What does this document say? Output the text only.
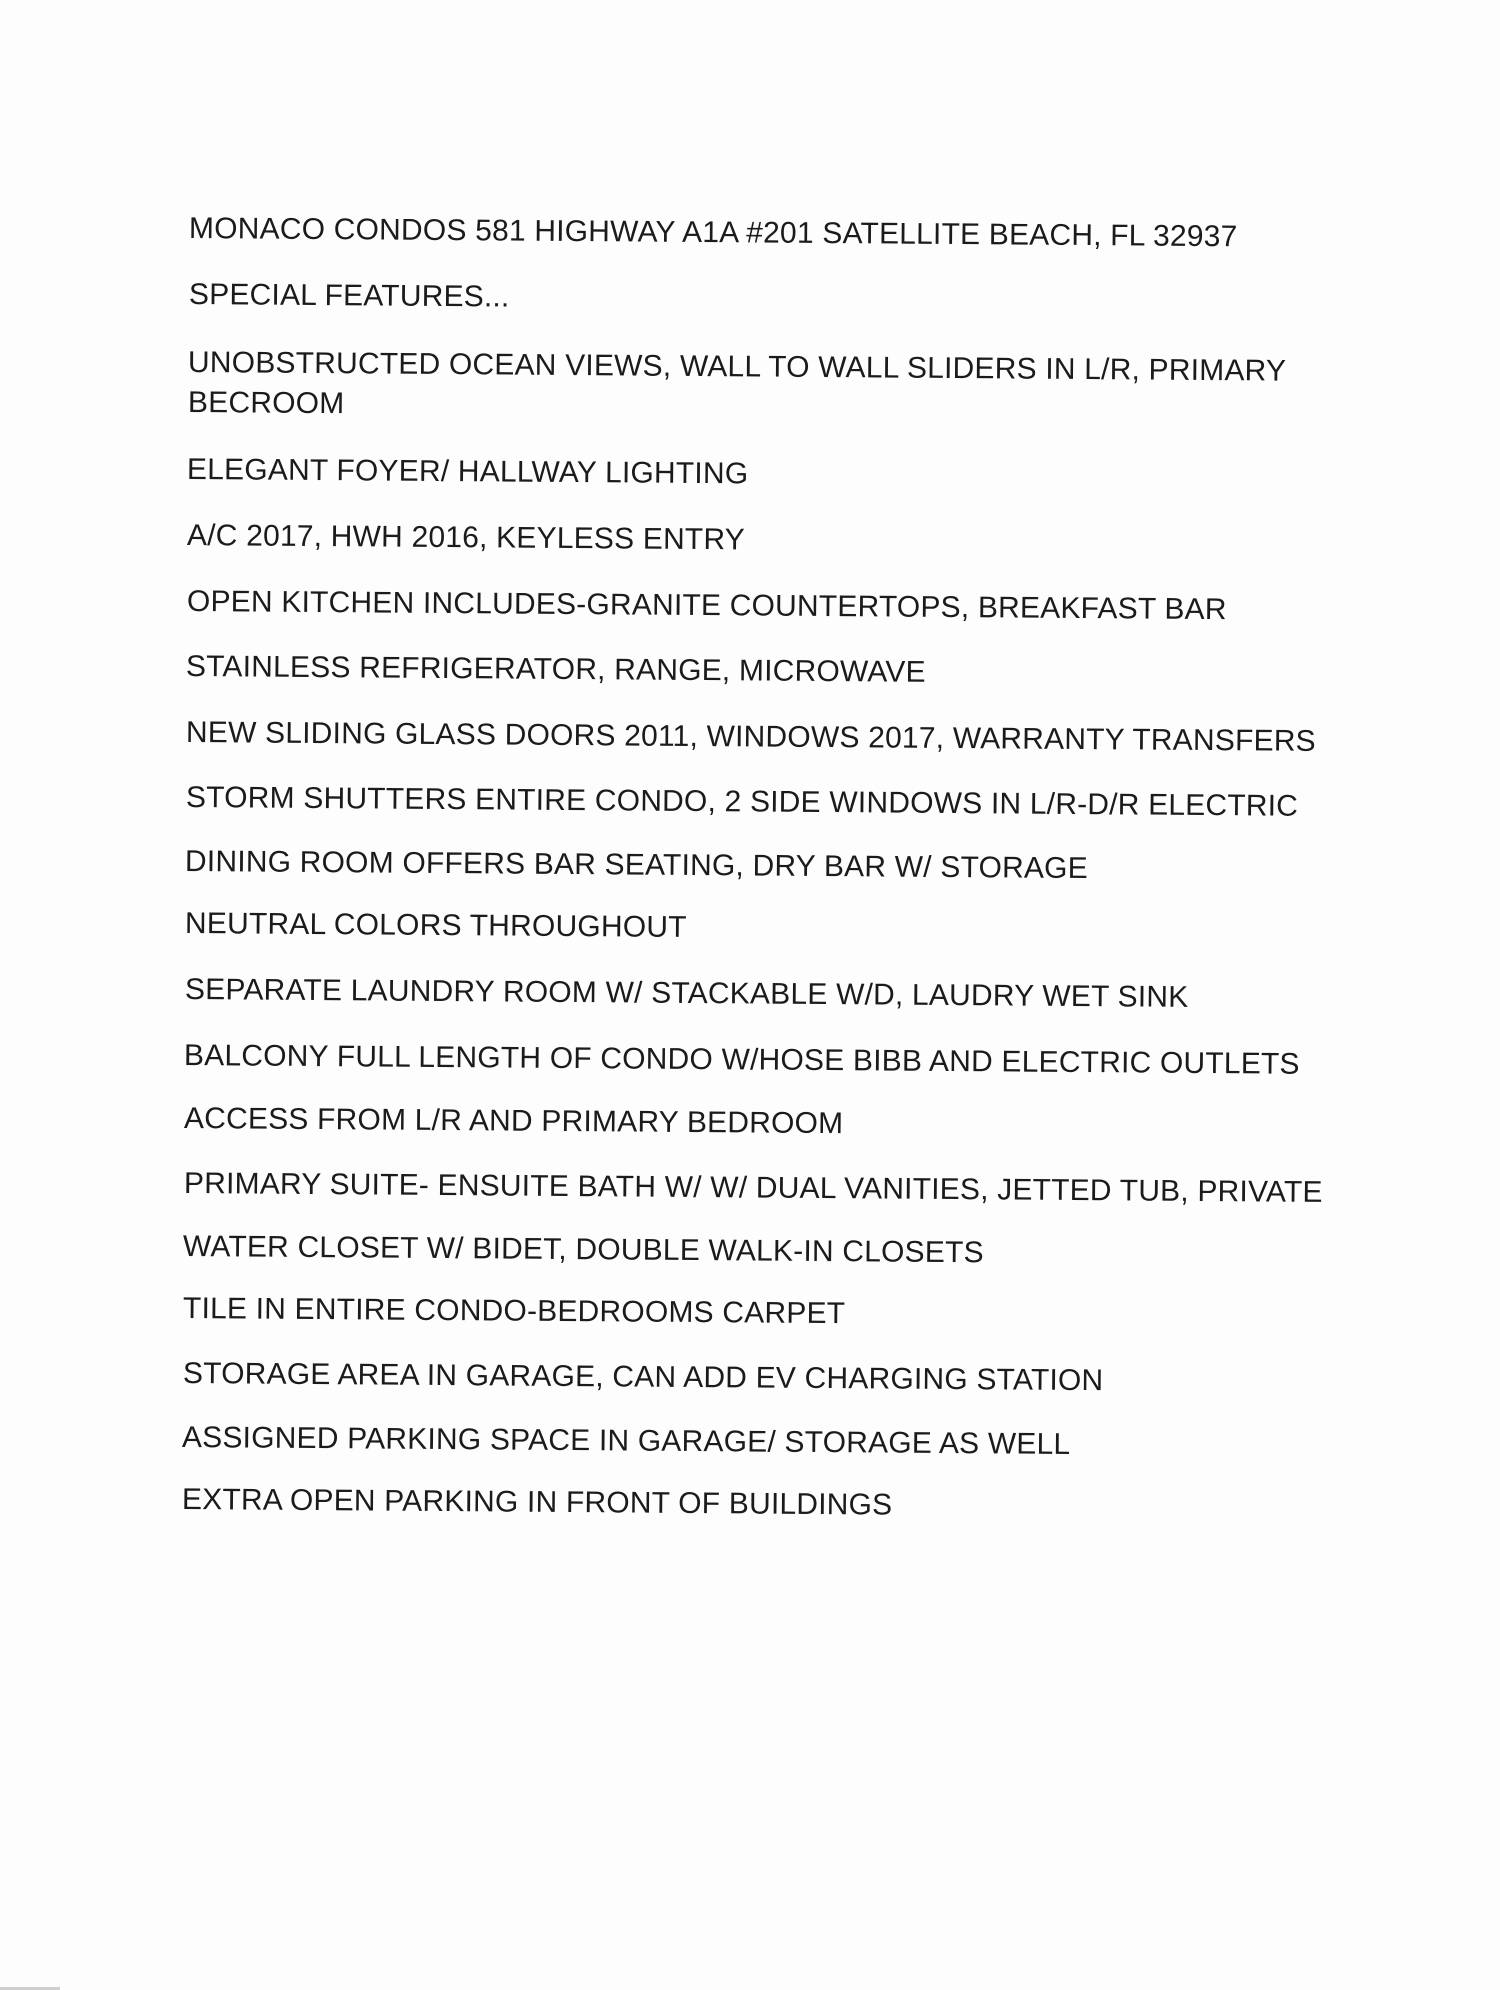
MONACO CONDOS 581 HIGHWAY A1A #201 SATELLITE BEACH, FL 32937
SPECIAL FEATURES...
UNOBSTRUCTED OCEAN VIEWS, WALL TO WALL SLIDERS IN L/R, PRIMARY
BECROOM
ELEGANT FOYER/ HALLWAY LIGHTING
A/C 2017, HWH 2016, KEYLESS ENTRY
OPEN KITCHEN INCLUDES-GRANITE COUNTERTOPS, BREAKFAST BAR
STAINLESS REFRIGERATOR, RANGE, MICROWAVE
NEW SLIDING GLASS DOORS 2011, WINDOWS 2017, WARRANTY TRANSFERS
STORM SHUTTERS ENTIRE CONDO, 2 SIDE WINDOWS IN L/R-D/R ELECTRIC
DINING ROOM OFFERS BAR SEATING, DRY BAR W/ STORAGE
NEUTRAL COLORS THROUGHOUT
SEPARATE LAUNDRY ROOM W/ STACKABLE W/D, LAUDRY WET SINK
BALCONY FULL LENGTH OF CONDO W/HOSE BIBB AND ELECTRIC OUTLETS
ACCESS FROM L/R AND PRIMARY BEDROOM
PRIMARY SUITE- ENSUITE BATH W/ W/ DUAL VANITIES, JETTED TUB, PRIVATE
WATER CLOSET W/ BIDET, DOUBLE WALK-IN CLOSETS
TILE IN ENTIRE CONDO-BEDROOMS CARPET
STORAGE AREA IN GARAGE, CAN ADD EV CHARGING STATION
ASSIGNED PARKING SPACE IN GARAGE/ STORAGE AS WELL
EXTRA OPEN PARKING IN FRONT OF BUILDINGS
